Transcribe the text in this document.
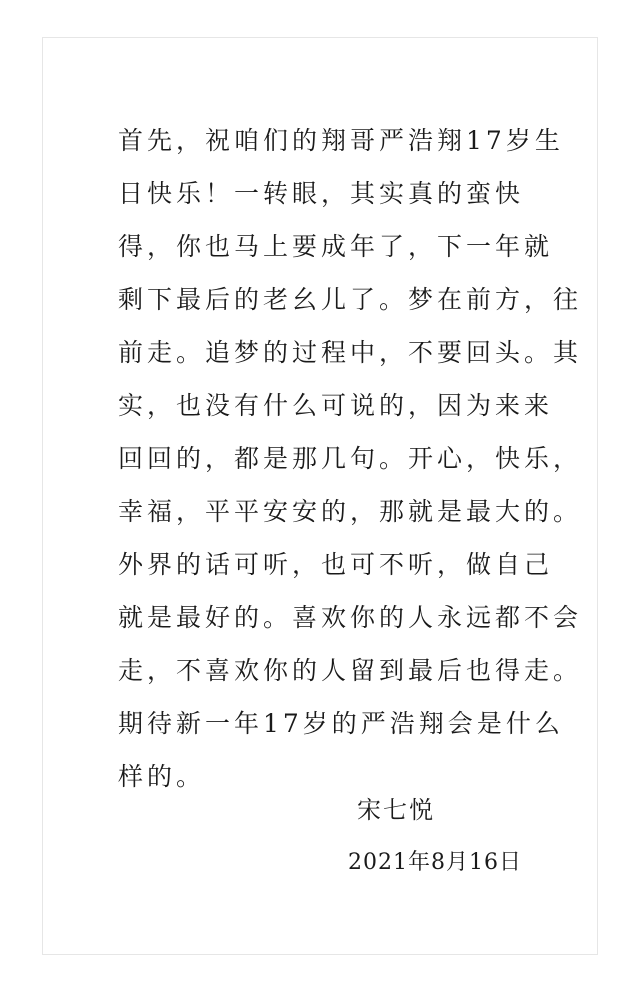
首先，祝咱们的翔哥严浩翔17岁生
日快乐！一转眼，其实真的蛮快
得，你也马上要成年了，下一年就
剩下最后的老幺儿了。梦在前方，往
前走。追梦的过程中，不要回头。其
实，也没有什么可说的，因为来来
回回的，都是那几句。开心，快乐，
幸福，平平安安的，那就是最大的。
外界的话可听，也可不听，做自己
就是最好的。喜欢你的人永远都不会
走，不喜欢你的人留到最后也得走。
期待新一年17岁的严浩翔会是什么
样的。
宋七悦
2021年8月16日
